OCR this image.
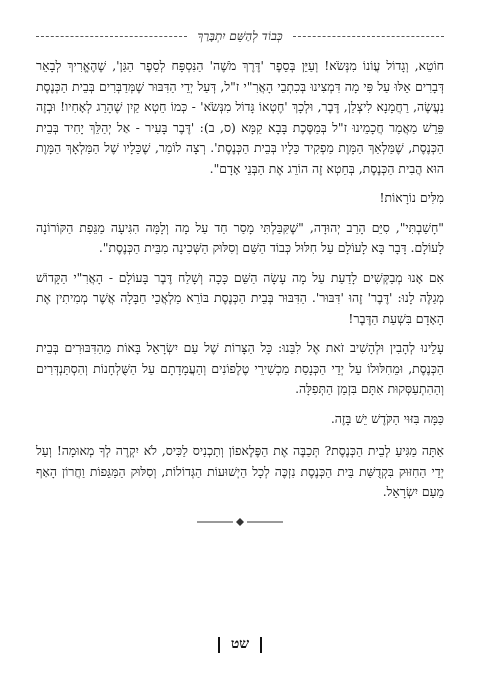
כְּבוֹד לְהַשֵּׁם יִתְבָּרַךְ

חוֹטֵא, וְגָדוֹל עֲוֹנוֹ מִנְּשֹׂא! וְעַיֵּן בְּסֵפֶר 'דֶּרֶךְ מֹשֶׁה' הַנִּסְפָּח לְסֵפֶר הַגַּן', שֶׁהֶאֱרִיךְ לְבָאֵר דְּבָרִים אֵלּוּ עַל פִּי מָה דִּמְצִינוּ בְּכִתְבֵי הָאֲרִ"י ז"ל, דְּעַל יְדֵי הַדִּבּוּר שֶׁמְּדַבְּרִים בְּבֵית הַכְּנֶסֶת נַעֲשֶׂה, רַחֲמָנָא לִיצְלַן, דֶּבֶר, וּלְכָךְ 'חֶטְאוֹ גָּדוֹל מִנְּשֹׂא' - כְּמוֹ חֵטְא קַיִן שֶׁהָרַג לְאָחִיו! וּבְזֶה פֵּרֵשׁ מַאֲמַר חֲכָמֵינוּ ז"ל בְּמַסֶּכֶת בָּבָא קַמָּא (ס, ב): 'דֶּבֶר בָּעִיר - אַל יְהַלֵּךְ יָחִיד בְּבֵית הַכְּנֶסֶת, שֶׁמַּלְאַךְ הַמָּוֶת מַפְקִיד כֵּלָיו בְּבֵית הַכְּנֶסֶת'. רְצָה לוֹמַר, שֶׁכֵּלָיו שֶׁל הַמַּלְאָךְ הַמָּוֶת הוּא הֲבִית הַכְּנֶסֶת, בְּחֵטְא זֶה הוֹרֵג אֶת הַבְּנֵי אָדָם".

מִלִּים נוֹרָאוֹת!

"חָשַׁבְתִּי", סִיֵּם הָרַב יְהוּדָה, "שֶׁקִּבַּלְתִּי מָסַר חַד עַל מָה וְלָמָּה הִגִּיעָה מַגֵּפַת הַקּוֹרוֹנָה לָעוֹלָם. דָּבָר בָּא לָעוֹלָם עַל חִלּוּל כְּבוֹד הַשֵּׁם וְסִלּוּק הַשְּׁכִינָה מִבֵּית הַכְּנֶסֶת".

אִם אָנוּ מְבַקְּשִׁים לָדַעַת עַל מָה עָשָׂה הַשֵּׁם כָּכָה וְשָׁלַח דֶּבֶר בָּעוֹלָם - הָאֲרִ"י הַקָּדוֹשׁ מְגַלֶּה לָנוּ: 'דֶּבֶר' זֶהוּ 'דִּבּוּר'. הַדִּבּוּר בְּבֵית הַכְּנֶסֶת בּוֹרֵא מַלְאֲכֵי חַבָּלָה אֲשֶׁר מְמִיתִין אֶת הָאָדָם בִּשְׁעַת הַדֶּבֶר!

עָלֵינוּ לְהָבִין וּלְהָשִׁיב זֹאת אֶל לִבֵּנוּ: כָּל הַצָּרוֹת שֶׁל עַם יִשְׂרָאֵל בָּאוֹת מֵהַדִּבּוּרִים בְּבֵית הַכְּנֶסֶת, וּמֵחִלּוּלוֹ עַל יְדֵי הַכְּנָסַת מַכְשִׁירֵי טֶלֶפוֹנִים וְהַעֲמָדָתָם עַל הַשֻּׁלְחָנוֹת וְהִסְתַּנְדְּרִים וְהַהִתְעַסְּקוּת אִתָּם בִּזְמַן הַתְּפִלָּה.

כַּמָּה בִּזּוּי הַקֹּדֶשׁ יֵשׁ בָּזֶה.

אַתָּה מַגִּיעַ לְבֵית הַכְּנֶסֶת? תְּכַבֶּה אֶת הַפֶּלֶאפוֹן וְתַכְנִיס לַכִּיס, לֹא יִקְרֶה לְךָ מְאוּמָה! וְעַל יְדֵי הַחִזּוּק בִּקְדֻשַּׁת בֵּית הַכְּנֶסֶת נִזְכֶּה לְכָל הַיְשׁוּעוֹת הַגְּדוֹלוֹת, וְסִלּוּק הַמַּגֵּפוֹת וַחֲרוֹן הָאַף מֵעַם יִשְׂרָאֵל.

שט
